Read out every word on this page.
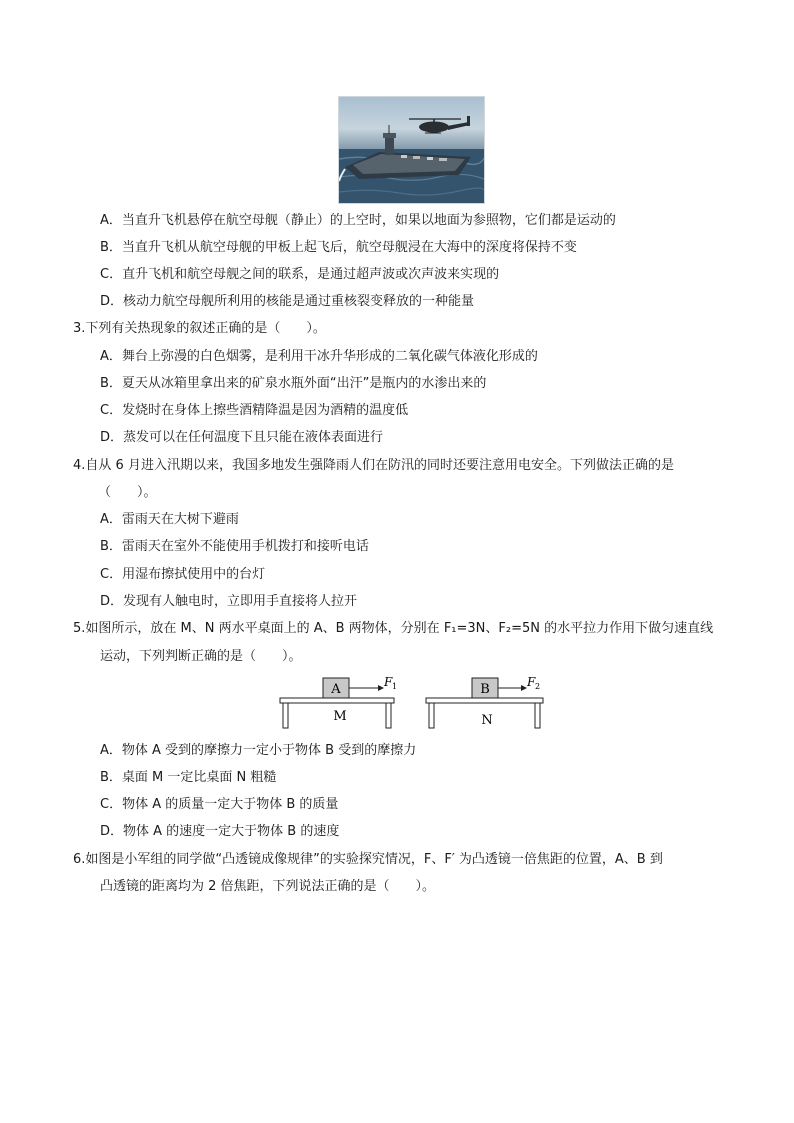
A．当直升飞机悬停在航空母舰（静止）的上空时，如果以地面为参照物，它们都是运动的
B．当直升飞机从航空母舰的甲板上起飞后，航空母舰浸在大海中的深度将保持不变
C．直升飞机和航空母舰之间的联系，是通过超声波或次声波来实现的
D．核动力航空母舰所利用的核能是通过重核裂变释放的一种能量
3.下列有关热现象的叙述正确的是（　　）。
A．舞台上弥漫的白色烟雾，是利用干冰升华形成的二氧化碳气体液化形成的
B．夏天从冰箱里拿出来的矿泉水瓶外面“出汗”是瓶内的水渗出来的
C．发烧时在身体上擦些酒精降温是因为酒精的温度低
D．蒸发可以在任何温度下且只能在液体表面进行
4.自从 6 月进入汛期以来，我国多地发生强降雨人们在防汛的同时还要注意用电安全。下列做法正确的是
（　　）。
A．雷雨天在大树下避雨
B．雷雨天在室外不能使用手机拨打和接听电话
C．用湿布擦拭使用中的台灯
D．发现有人触电时，立即用手直接将人拉开
5.如图所示，放在 M、N 两水平桌面上的 A、B 两物体，分别在 F₁=3N、F₂=5N 的水平拉力作用下做匀速直线
运动，下列判断正确的是（　　）。
A	F 1
M
B	F 2
N
A．物体 A 受到的摩擦力一定小于物体 B 受到的摩擦力
B．桌面 M 一定比桌面 N 粗糙
C．物体 A 的质量一定大于物体 B 的质量
D．物体 A 的速度一定大于物体 B 的速度
6.如图是小军组的同学做“凸透镜成像规律”的实验探究情况，F、F′ 为凸透镜一倍焦距的位置，A、B 到
凸透镜的距离均为 2 倍焦距，下列说法正确的是（　　）。
